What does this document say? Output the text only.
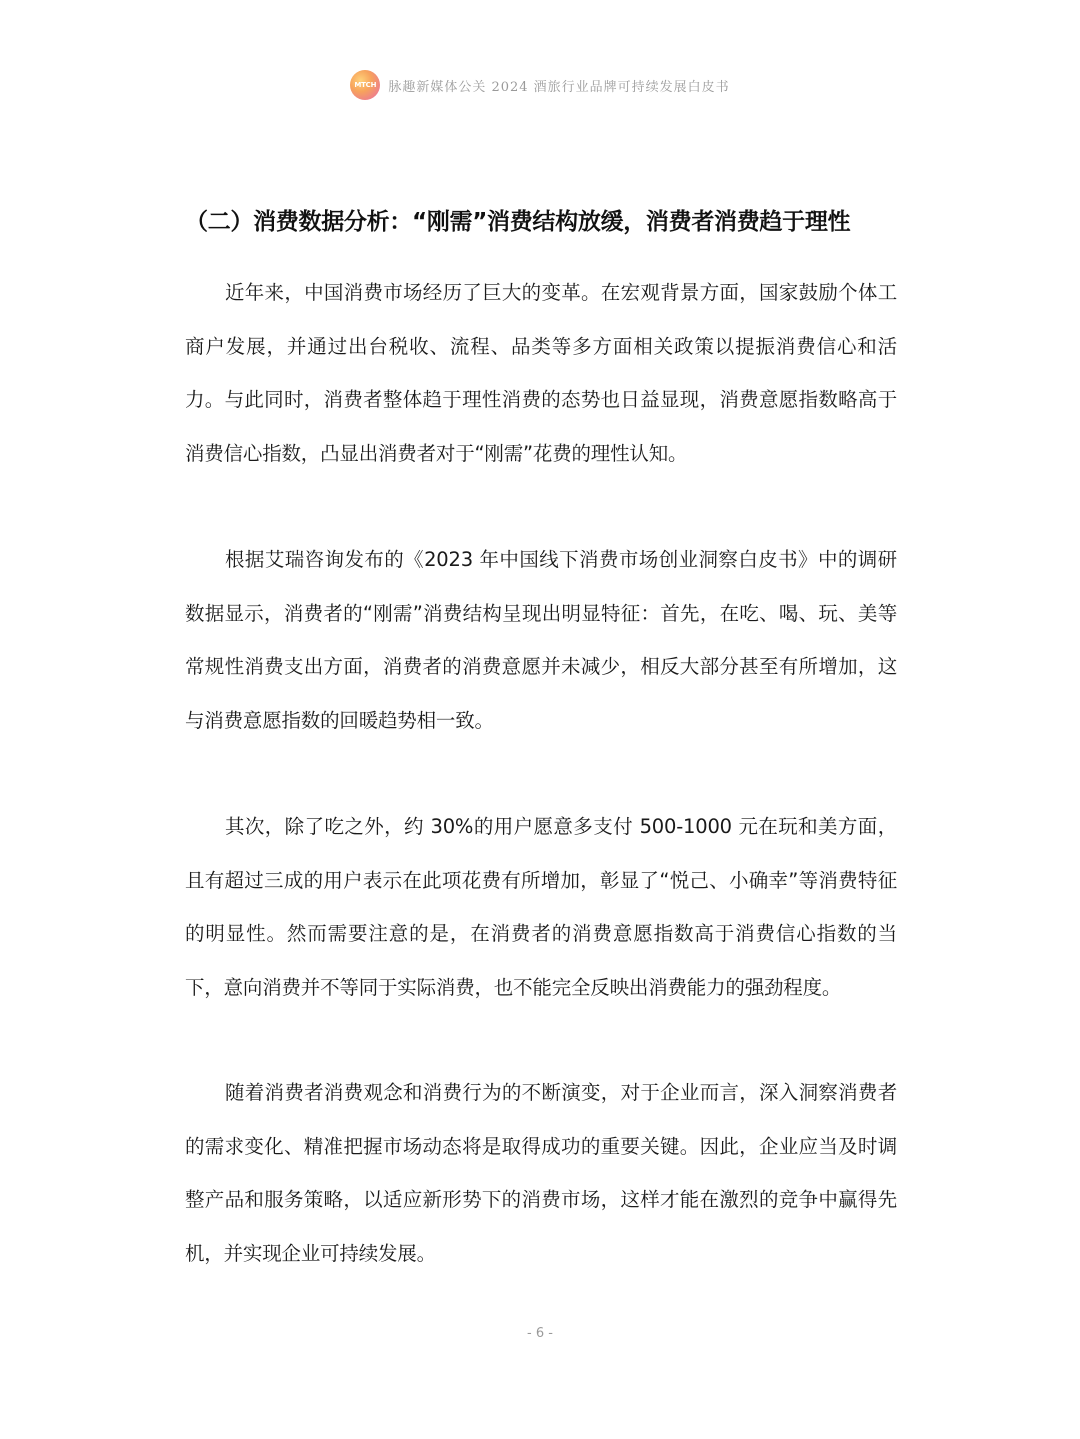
MTCH 脉趣新媒体公关 2024 酒旅行业品牌可持续发展白皮书
（二）消费数据分析：“刚需”消费结构放缓，消费者消费趋于理性

近年来，中国消费市场经历了巨大的变革。在宏观背景方面，国家鼓励个体工商户发展，并通过出台税收、流程、品类等多方面相关政策以提振消费信心和活力。与此同时，消费者整体趋于理性消费的态势也日益显现，消费意愿指数略高于消费信心指数，凸显出消费者对于“刚需”花费的理性认知。

根据艾瑞咨询发布的《2023 年中国线下消费市场创业洞察白皮书》中的调研数据显示，消费者的“刚需”消费结构呈现出明显特征：首先，在吃、喝、玩、美等常规性消费支出方面，消费者的消费意愿并未减少，相反大部分甚至有所增加，这与消费意愿指数的回暖趋势相一致。

其次，除了吃之外，约 30%的用户愿意多支付 500-1000 元在玩和美方面，且有超过三成的用户表示在此项花费有所增加，彰显了“悦己、小确幸”等消费特征的明显性。然而需要注意的是，在消费者的消费意愿指数高于消费信心指数的当下，意向消费并不等同于实际消费，也不能完全反映出消费能力的强劲程度。

随着消费者消费观念和消费行为的不断演变，对于企业而言，深入洞察消费者的需求变化、精准把握市场动态将是取得成功的重要关键。因此，企业应当及时调整产品和服务策略，以适应新形势下的消费市场，这样才能在激烈的竞争中赢得先机，并实现企业可持续发展。

- 6 -
